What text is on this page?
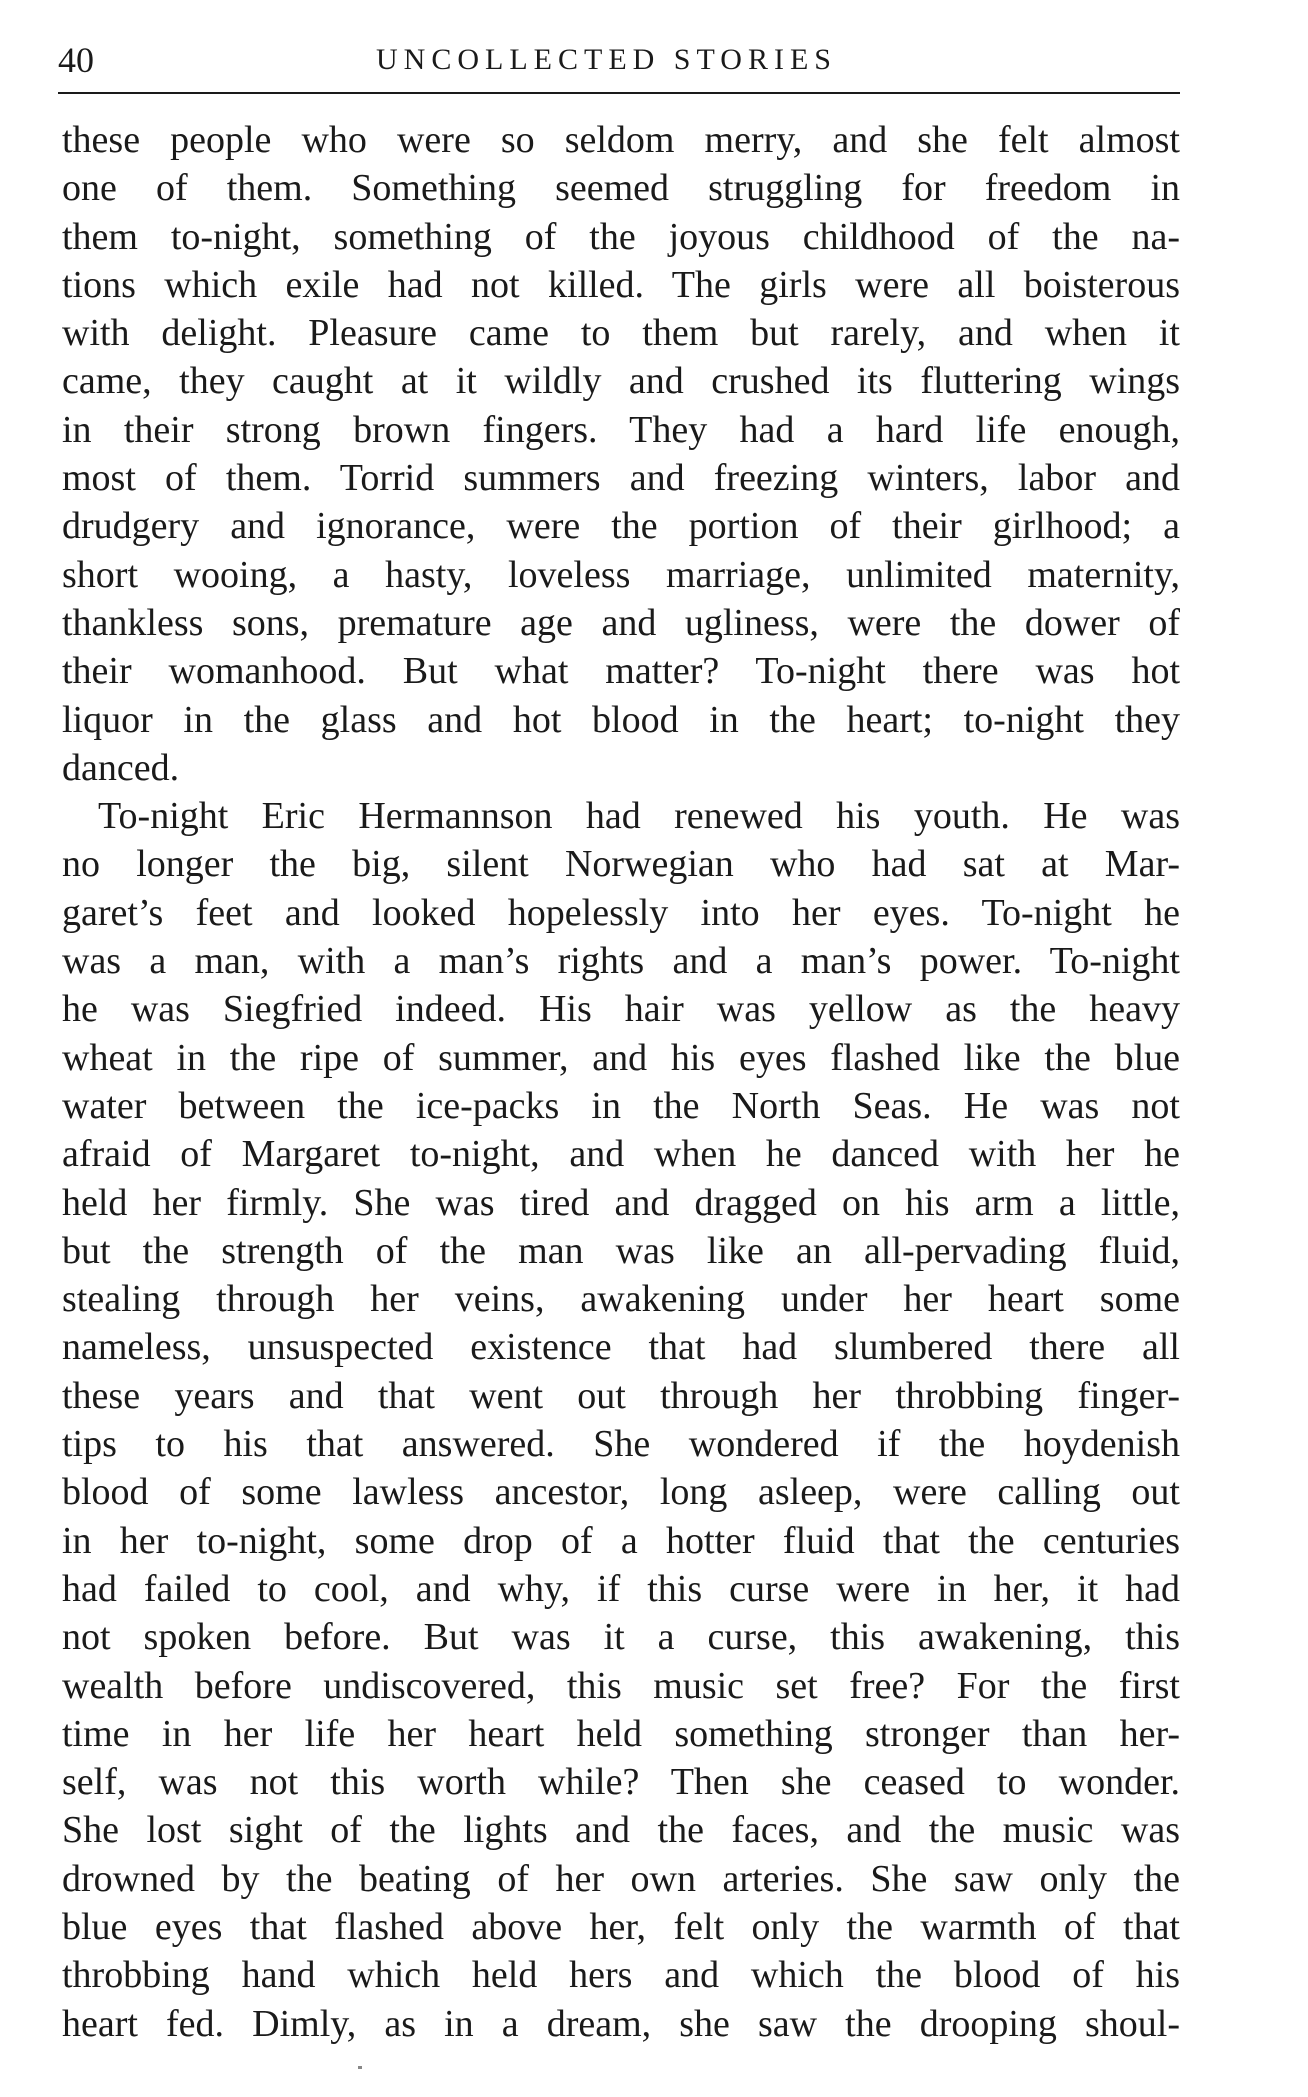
40	UNCOLLECTED STORIES
these people who were so seldom merry, and she felt almost
one of them. Something seemed struggling for freedom in
them to-night, something of the joyous childhood of the na-
tions which exile had not killed. The girls were all boisterous
with delight. Pleasure came to them but rarely, and when it
came, they caught at it wildly and crushed its fluttering wings
in their strong brown fingers. They had a hard life enough,
most of them. Torrid summers and freezing winters, labor and
drudgery and ignorance, were the portion of their girlhood; a
short wooing, a hasty, loveless marriage, unlimited maternity,
thankless sons, premature age and ugliness, were the dower of
their womanhood. But what matter? To-night there was hot
liquor in the glass and hot blood in the heart; to-night they
danced.
To-night Eric Hermannson had renewed his youth. He was
no longer the big, silent Norwegian who had sat at Mar-
garet’s feet and looked hopelessly into her eyes. To-night he
was a man, with a man’s rights and a man’s power. To-night
he was Siegfried indeed. His hair was yellow as the heavy
wheat in the ripe of summer, and his eyes flashed like the blue
water between the ice-packs in the North Seas. He was not
afraid of Margaret to-night, and when he danced with her he
held her firmly. She was tired and dragged on his arm a little,
but the strength of the man was like an all-pervading fluid,
stealing through her veins, awakening under her heart some
nameless, unsuspected existence that had slumbered there all
these years and that went out through her throbbing finger-
tips to his that answered. She wondered if the hoydenish
blood of some lawless ancestor, long asleep, were calling out
in her to-night, some drop of a hotter fluid that the centuries
had failed to cool, and why, if this curse were in her, it had
not spoken before. But was it a curse, this awakening, this
wealth before undiscovered, this music set free? For the first
time in her life her heart held something stronger than her-
self, was not this worth while? Then she ceased to wonder.
She lost sight of the lights and the faces, and the music was
drowned by the beating of her own arteries. She saw only the
blue eyes that flashed above her, felt only the warmth of that
throbbing hand which held hers and which the blood of his
heart fed. Dimly, as in a dream, she saw the drooping shoul-
